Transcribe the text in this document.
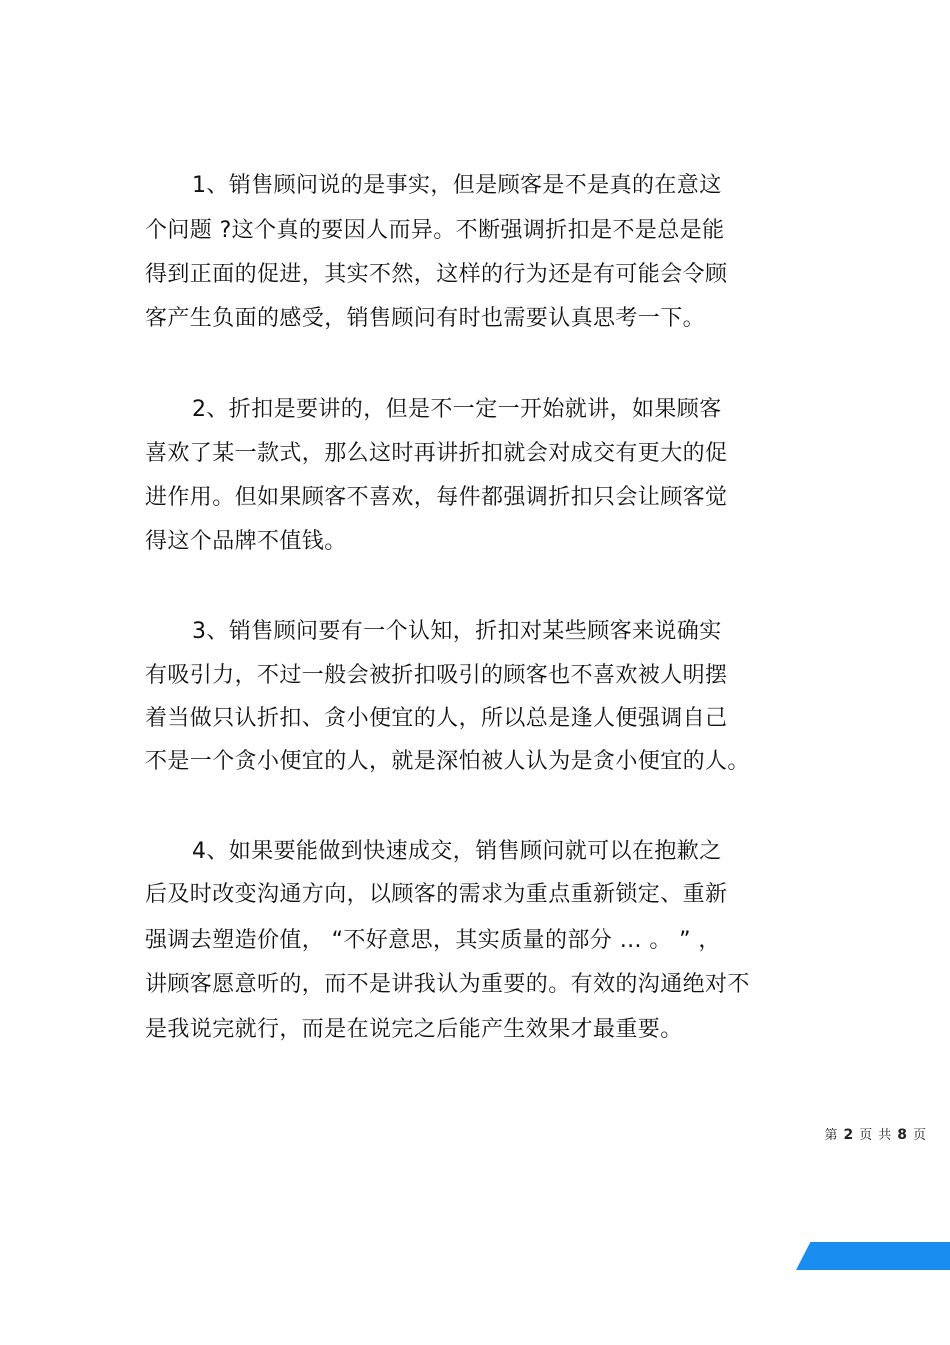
1、销售顾问说的是事实，但是顾客是不是真的在意这
个问题 ?这个真的要因人而异。不断强调折扣是不是总是能
得到正面的促进，其实不然，这样的行为还是有可能会令顾
客产生负面的感受，销售顾问有时也需要认真思考一下。
2、折扣是要讲的，但是不一定一开始就讲，如果顾客
喜欢了某一款式，那么这时再讲折扣就会对成交有更大的促
进作用。但如果顾客不喜欢，每件都强调折扣只会让顾客觉
得这个品牌不值钱。
3、销售顾问要有一个认知，折扣对某些顾客来说确实
有吸引力，不过一般会被折扣吸引的顾客也不喜欢被人明摆
着当做只认折扣、贪小便宜的人，所以总是逢人便强调自己
不是一个贪小便宜的人，就是深怕被人认为是贪小便宜的人。
4、如果要能做到快速成交，销售顾问就可以在抱歉之
后及时改变沟通方向，以顾客的需求为重点重新锁定、重新
强调去塑造价值， “不好意思，其实质量的部分 … 。 ” ，
讲顾客愿意听的，而不是讲我认为重要的。有效的沟通绝对不
是我说完就行，而是在说完之后能产生效果才最重要。
第 2 页 共 8 页
